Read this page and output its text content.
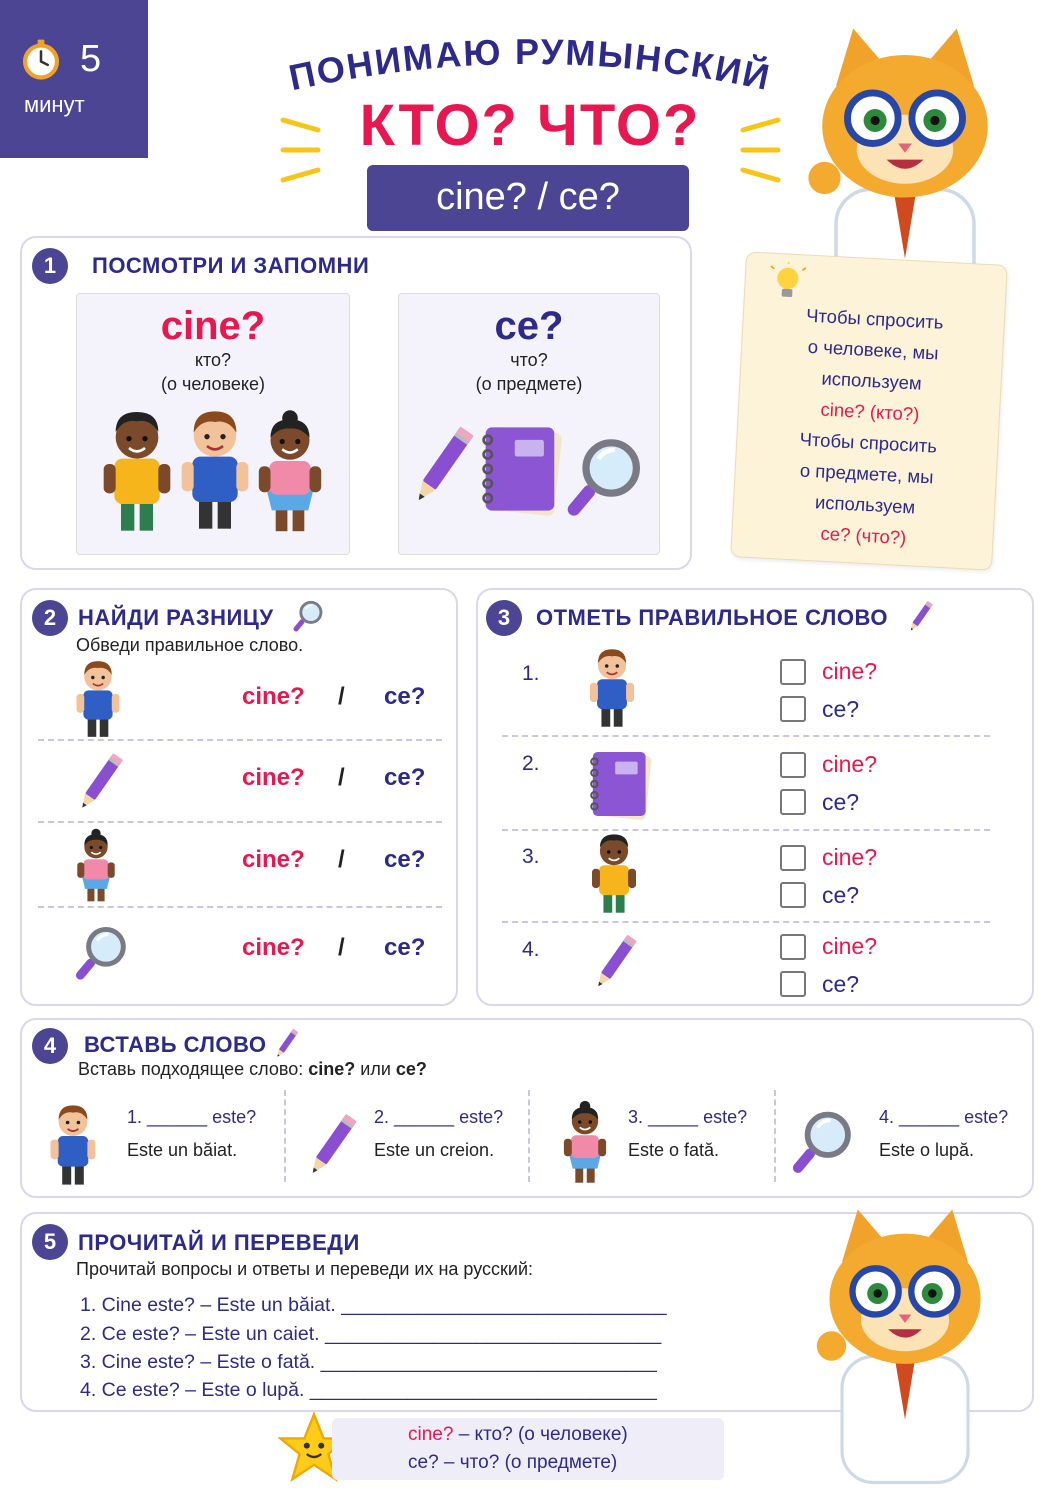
5
минут
ПОНИМАЮ РУМЫНСКИЙ
КТО? ЧТО?
cine? / ce?
1	ПОСМОТРИ И ЗАПОМНИ
cine?
кто?
(о человеке)
ce?
что?
(о предмете)
Чтобы спросить
о человеке, мы
используем
cine? (кто?)
Чтобы спросить
о предмете, мы
используем
ce? (что?)
2 НАЙДИ РАЗНИЦУ
Обведи правильное слово.
cine? / ce?
cine? / ce?
cine? / ce?
cine? / ce?
3	ОТМЕТЬ ПРАВИЛЬНОЕ СЛОВО
1.	cine?
ce?
2.	cine?
ce?
3.	cine?
ce?
4.	cine?
ce?
4	ВСТАВЬ СЛОВО
Вставь подходящее слово: cine? или ce?
1. ______ este?
Este un băiat.
2. ______ este?
Este un creion.
3. _____ este?
Este o fată.
4. ______ este?
Este o lupă.
5 ПРОЧИТАЙ И ПЕРЕВЕДИ
Прочитай вопросы и ответы и переведи их на русский:
1. Cine este? – Este un băiat. ______________________________
2. Ce este? – Este un caiet. _______________________________
3. Cine este? – Este o fată. _______________________________
4. Ce este? – Este o lupă. ________________________________
cine? – кто? (о человеке)
ce? – что? (о предмете)
